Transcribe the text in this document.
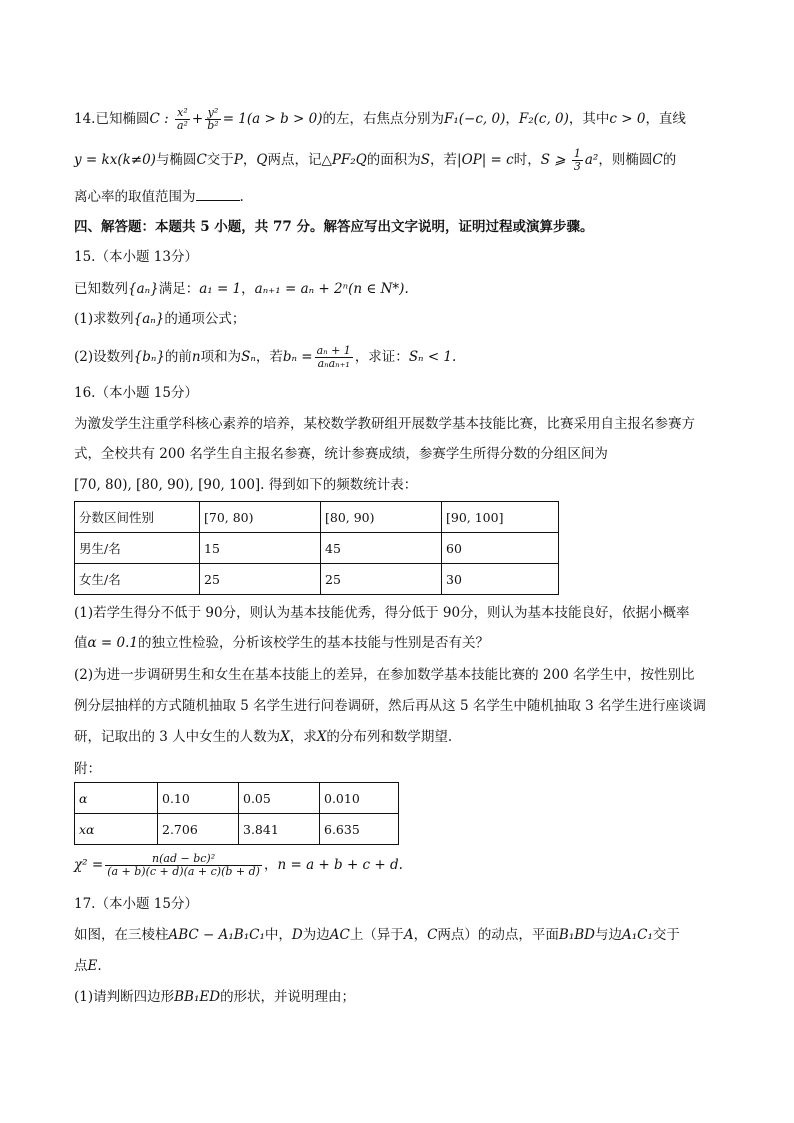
14.已知椭圆C : $\frac{\text{x²}}{\text{a²}} + \frac{\text{y²}}{\text{b²}} = 1(a > b > 0)$的左，右焦点分别为F₁(−c, 0)，F₂(c, 0)，其中c > 0，直线
y = kx(k≠0)与椭圆C交于P，Q两点，记△PF₂Q的面积为S，若|OP| = c时，S ⩾ $\frac{1}{3} a^2$，则椭圆C的
离心率的取值范围为	.
四、解答题：本题共 5 小题，共 77 分。解答应写出文字说明，证明过程或演算步骤。
15.（本小题 13分）
已知数列{aₙ}满足：a₁ = 1，aₙ₊₁ = aₙ + 2ⁿ(n ∈ N*).
(1)求数列{aₙ}的通项公式；
(2)设数列{bₙ}的前n项和为Sₙ，若$b_n = \frac{\text{aₙ + 1}}{\text{aₙaₙ₊₁}}$ ，求证：Sₙ < 1.
16.（本小题 15分）
为激发学生注重学科核心素养的培养，某校数学教研组开展数学基本技能比赛，比赛采用自主报名参赛方
式，全校共有 200 名学生自主报名参赛，统计参赛成绩，参赛学生所得分数的分组区间为
[70, 80), [80, 90), [90, 100]. 得到如下的频数统计表：
分数区间性别	[70, 80)	[80, 90)	[90, 100]
男生/名	15	45	60
女生/名	25	25	30
(1)若学生得分不低于 90分，则认为基本技能优秀，得分低于 90分，则认为基本技能良好，依据小概率
值α = 0.1的独立性检验，分析该校学生的基本技能与性别是否有关？
(2)为进一步调研男生和女生在基本技能上的差异，在参加数学基本技能比赛的 200 名学生中，按性别比
例分层抽样的方式随机抽取 5 名学生进行问卷调研，然后再从这 5 名学生中随机抽取 3 名学生进行座谈调
研，记取出的 3 人中女生的人数为X，求X的分布列和数学期望.
附：
α	0.10	0.05	0.010
xα	2.706	3.841	6.635
$\chi^2 = \frac{\text{n(ad − bc)²}}{(a + b)(c + d)(a + c)(b + d)}$ ，n = a + b + c + d.
17.（本小题 15分）
如图，在三棱柱ABC − A₁B₁C₁中，D为边AC上（异于A，C两点）的动点，平面B₁BD与边A₁C₁交于
点E.
(1)请判断四边形BB₁ED的形状，并说明理由；
